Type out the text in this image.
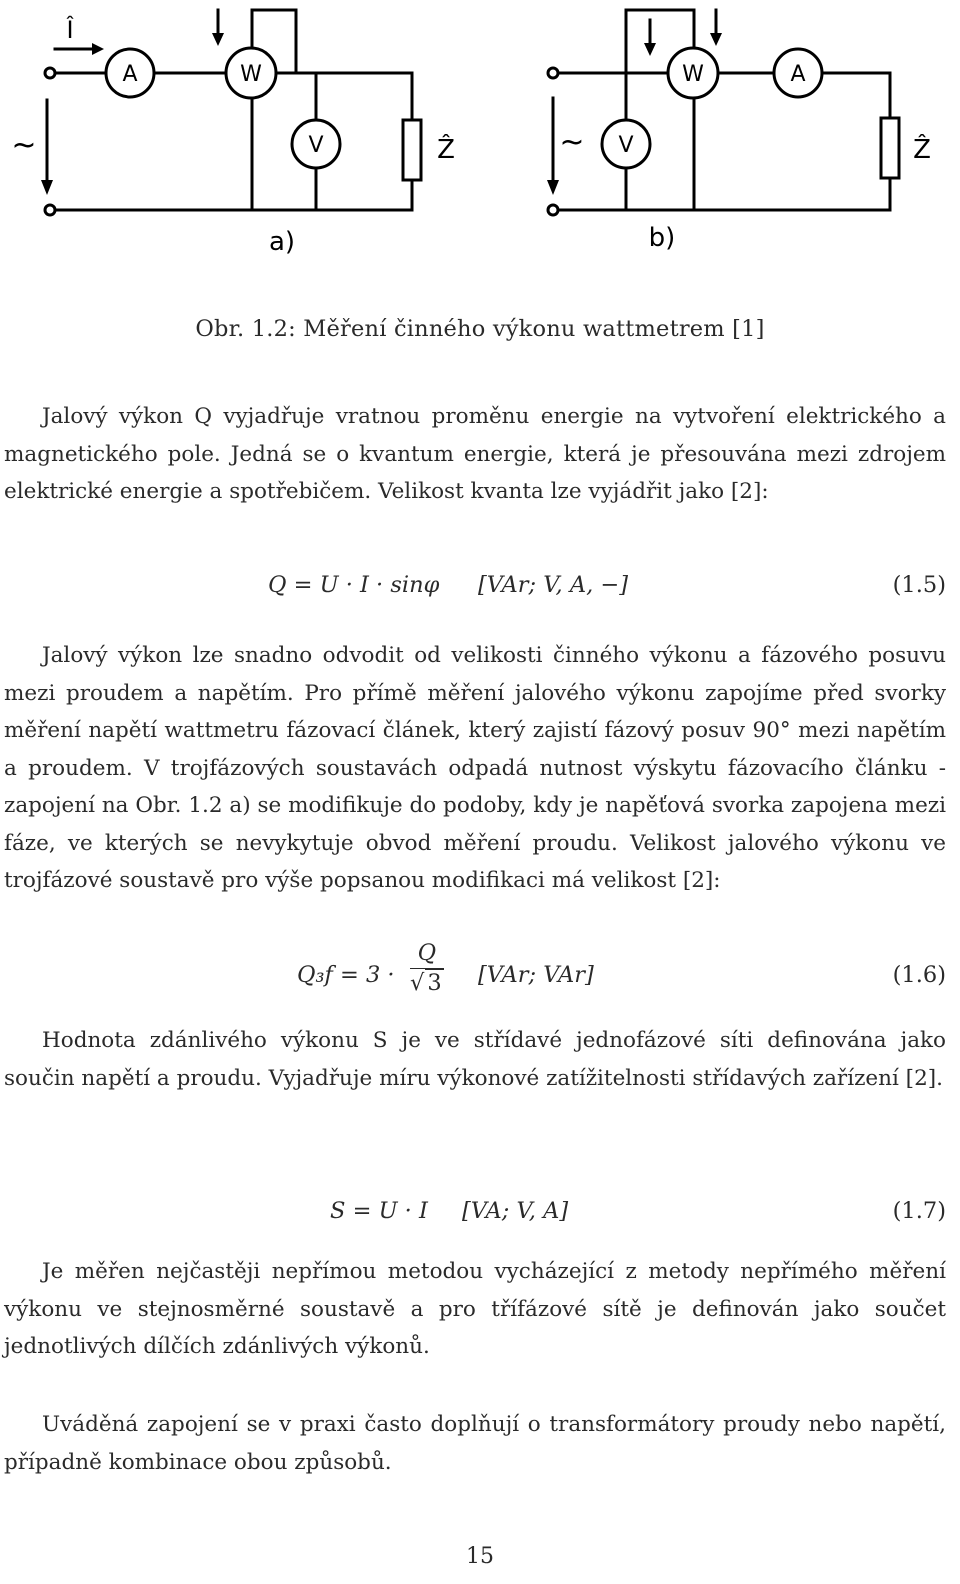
A	W
V
W	A
V
Ẑ	Ẑ
Î
~	~
a)	b)
Obr. 1.2: Měření činného výkonu wattmetrem [1]

Jalový výkon Q vyjadřuje vratnou proměnu energie na vytvoření elektrického a magnetického pole. Jedná se o kvantum energie, která je přesouvána mezi zdrojem elektrické energie a spotřebičem. Velikost kvanta lze vyjádřit jako [2]:

Q = U · I · sinφ [VAr; V, A, −]	(1.5)

Jalový výkon lze snadno odvodit od velikosti činného výkonu a fázového posuvu mezi proudem a napětím. Pro přímě měření jalového výkonu zapojíme před svorky měření napětí wattmetru fázovací článek, který zajistí fázový posuv 90° mezi napětím a proudem. V trojfázových soustavách odpadá nutnost výskytu fázovacího článku - zapojení na Obr. 1.2 a) se modifikuje do podoby, kdy je napěťová svorka zapojena mezi fáze, ve kterých se nevykytuje obvod měření proudu. Velikost jalového výkonu ve trojfázové soustavě pro výše popsanou modifikaci má velikost [2]:

$Q_3f = 3 \cdot \frac{Q}{√ 3} [VAr$; VAr]	(1.6)

Hodnota zdánlivého výkonu S je ve střídavé jednofázové síti definována jako součin napětí a proudu. Vyjadřuje míru výkonové zatížitelnosti střídavých zařízení [2].

S = U · I [VA; V, A]	(1.7)

Je měřen nejčastěji nepřímou metodou vycházející z metody nepřímého měření výkonu ve stejnosměrné soustavě a pro třífázové sítě je definován jako součet jednotlivých dílčích zdánlivých výkonů.

Uváděná zapojení se v praxi často doplňují o transformátory proudy nebo napětí, případně kombinace obou způsobů.

15
